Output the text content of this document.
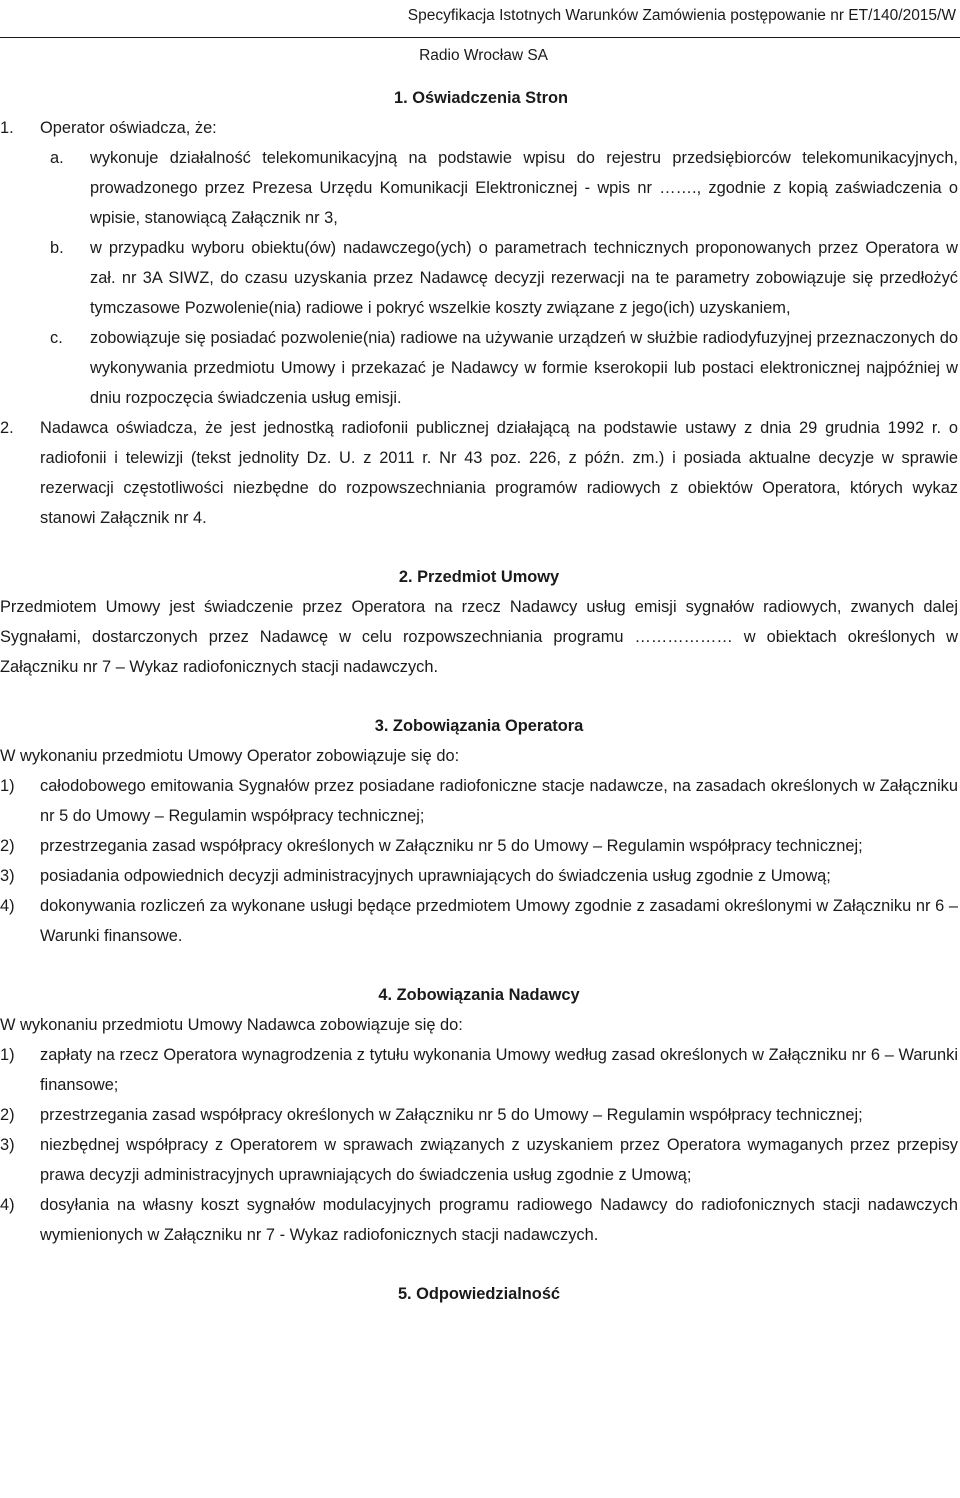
Specyfikacja Istotnych Warunków Zamówienia postępowanie nr ET/140/2015/W
Radio Wrocław SA

1. Oświadczenia Stron

1.	Operator oświadcza, że:
a.	wykonuje działalność telekomunikacyjną na podstawie wpisu do rejestru przedsiębiorców telekomunikacyjnych, prowadzonego przez Prezesa Urzędu Komunikacji Elektronicznej - wpis nr ……., zgodnie z kopią zaświadczenia o wpisie, stanowiącą Załącznik nr 3,
b.	w przypadku wyboru obiektu(ów) nadawczego(ych) o parametrach technicznych proponowanych przez Operatora w zał. nr 3A SIWZ, do czasu uzyskania przez Nadawcę decyzji rezerwacji na te parametry zobowiązuje się przedłożyć tymczasowe Pozwolenie(nia) radiowe i pokryć wszelkie koszty związane z jego(ich) uzyskaniem,
c.	zobowiązuje się posiadać pozwolenie(nia) radiowe na używanie urządzeń w służbie radiodyfuzyjnej przeznaczonych do wykonywania przedmiotu Umowy i przekazać je Nadawcy w formie kserokopii lub postaci elektronicznej najpóźniej w dniu rozpoczęcia świadczenia usług emisji.
2.	Nadawca oświadcza, że jest jednostką radiofonii publicznej działającą na podstawie ustawy z dnia 29 grudnia 1992 r. o radiofonii i telewizji (tekst jednolity Dz. U. z 2011 r. Nr 43 poz. 226, z późn. zm.) i posiada aktualne decyzje w sprawie rezerwacji częstotliwości niezbędne do rozpowszechniania programów radiowych z obiektów Operatora, których wykaz stanowi Załącznik nr 4.

2. Przedmiot Umowy

Przedmiotem Umowy jest świadczenie przez Operatora na rzecz Nadawcy usług emisji sygnałów radiowych, zwanych dalej Sygnałami, dostarczonych przez Nadawcę w celu rozpowszechniania programu ……………… w obiektach określonych w Załączniku nr 7 – Wykaz radiofonicznych stacji nadawczych.

3. Zobowiązania Operatora

W wykonaniu przedmiotu Umowy Operator zobowiązuje się do:

1)	całodobowego emitowania Sygnałów przez posiadane radiofoniczne stacje nadawcze, na zasadach określonych w Załączniku nr 5 do Umowy – Regulamin współpracy technicznej;
2)	przestrzegania zasad współpracy określonych w Załączniku nr 5 do Umowy – Regulamin współpracy technicznej;
3)	posiadania odpowiednich decyzji administracyjnych uprawniających do świadczenia usług zgodnie z Umową;
4)	dokonywania rozliczeń za wykonane usługi będące przedmiotem Umowy zgodnie z zasadami określonymi w Załączniku nr 6 – Warunki finansowe.

4. Zobowiązania Nadawcy

W wykonaniu przedmiotu Umowy Nadawca zobowiązuje się do:

1)	zapłaty na rzecz Operatora wynagrodzenia z tytułu wykonania Umowy według zasad określonych w Załączniku nr 6 – Warunki finansowe;
2)	przestrzegania zasad współpracy określonych w Załączniku nr 5 do Umowy – Regulamin współpracy technicznej;
3)	niezbędnej współpracy z Operatorem w sprawach związanych z uzyskaniem przez Operatora wymaganych przez przepisy prawa decyzji administracyjnych uprawniających do świadczenia usług zgodnie z Umową;
4)	dosyłania na własny koszt sygnałów modulacyjnych programu radiowego Nadawcy do radiofonicznych stacji nadawczych wymienionych w Załączniku nr 7 - Wykaz radiofonicznych stacji nadawczych.

5. Odpowiedzialność
